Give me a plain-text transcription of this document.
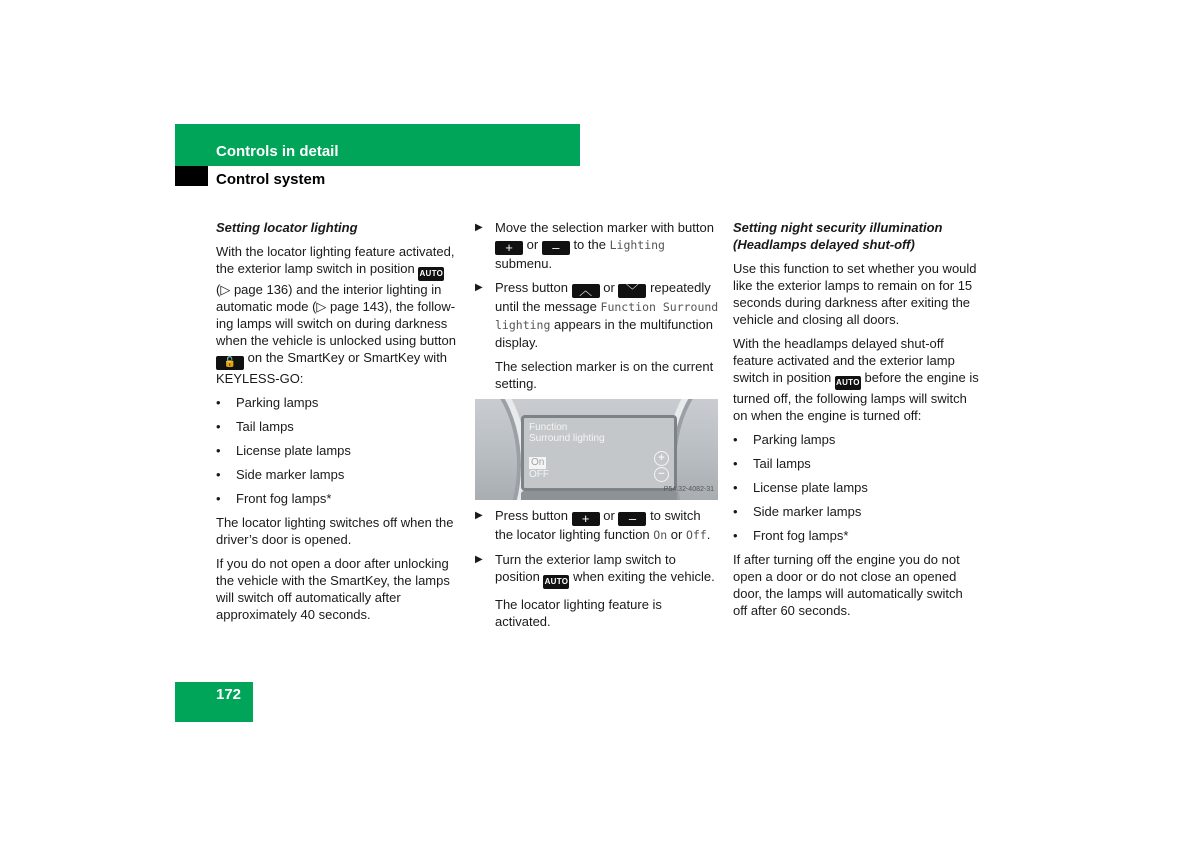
Controls in detail
Control system
Setting locator lighting

With the locator lighting feature activated, the exterior lamp switch in position AUTO (▷ page 136) and the interior lighting in automatic mode (▷ page 143), the follow-ing lamps will switch on during darkness when the vehicle is unlocked using button 🔓 on the SmartKey or SmartKey with KEYLESS-GO:

• Parking lamps
• Tail lamps
• License plate lamps
• Side marker lamps
• Front fog lamps*

The locator lighting switches off when the driver’s door is opened.

If you do not open a door after unlocking the vehicle with the SmartKey, the lamps will switch off automatically after approximately 40 seconds.

▶ Move the selection marker with button + or – to the Lighting submenu.
▶ Press button ︿ or ﹀ repeatedly until the message Function Surround lighting appears in the multifunction display.
The selection marker is on the current setting.
Function
Surround lighting
On
OFF
+
−
P54.32-4082-31
▶ Press button + or – to switch the locator lighting function On or Off.
▶ Turn the exterior lamp switch to position AUTO when exiting the vehicle.
The locator lighting feature is activated.
Setting night security illumination (Headlamps delayed shut-off)

Use this function to set whether you would like the exterior lamps to remain on for 15 seconds during darkness after exiting the vehicle and closing all doors.

With the headlamps delayed shut-off feature activated and the exterior lamp switch in position AUTO before the engine is turned off, the following lamps will switch on when the engine is turned off:

• Parking lamps
• Tail lamps
• License plate lamps
• Side marker lamps
• Front fog lamps*

If after turning off the engine you do not open a door or do not close an opened door, the lamps will automatically switch off after 60 seconds.

172
